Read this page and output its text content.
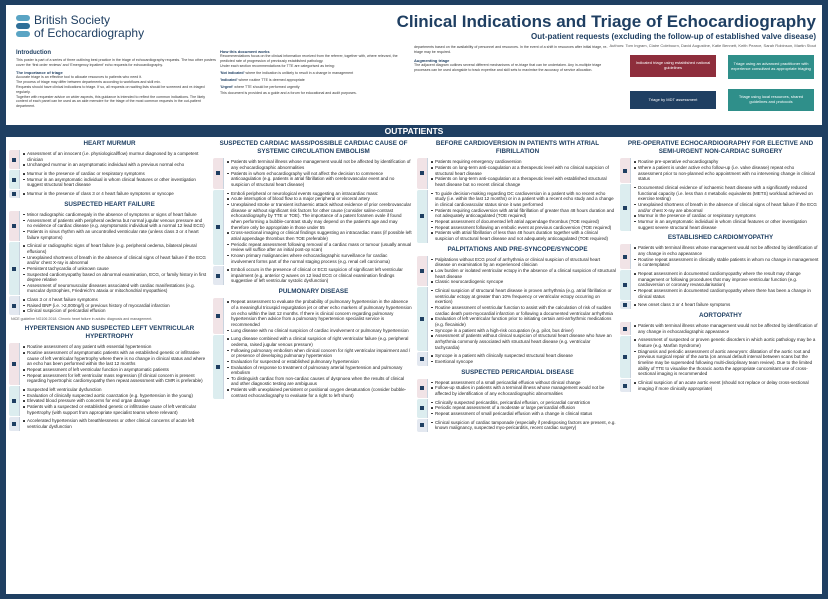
British Society
of Echocardiography
Clinical Indications and Triage of Echocardiography
Out-patient requests (excluding the follow-up of established valve disease)
Authors: Tom Ingram, Claire Colebourn, David Augustine, Katie Bennett, Keith Pearce, Sarah Robinson, Martin Stout
Introduction

This poster is part of a series of three outlining best practice in the triage of echocardiography requests. The two other posters cover the ‘first order reviews’ and ‘Emergency inpatient’ echo requests for echocardiography.

The importance of triage
Accurate triage is an effective tool to allocate resources to patients who need it.
The process of triage may differ between departments according to workflows and skill mix.
Requests should have clinical indications to triage. If so, all requests on waiting lists should be screened and re-triaged regularly.
Together with requester advice on wider aspects, this guidance is intended to reflect the common indications. The likely content of each panel can be used as an aide memoire for the triage of the most common requests in the out-patient department.
How this document works

Recommendations focus on the clinical information received from the referrer, together with, where relevant, the predicted rate of progression of previously established pathology.

Under each section recommendations for TTE are categorised as being:

'Not indicated' where the indication is unlikely to result in a change in management
'Indicated' where routine TTE is deemed appropriate
'Urgent' where TTE should be performed urgently

This document is provided as a guide and a forum for educational and audit purposes.

departments based on the availability of personnel and resources. In the event of a shift in resources after initial triage, re-triage may be required.

Augmenting triage

The adjacent diagram outlines several different mechanisms of re-triage that can be undertaken. Any in-multiple triage processes can be used alongside to track expertise and skill sets to maximise the accuracy of service allocation.

Indicated triage using established national guidelines
Triage using an advanced practitioner with experience consultant as appropriate triaging
Triage by MDT assessment	Triage using local resources, shared guidelines and protocols
OUTPATIENTS
HEART MURMUR
Assessment of an innocent (i.e. physiological/flow) murmur diagnosed by a competent clinician
Unchanged murmur in an asymptomatic individual with a previous normal echo
Murmur in the presence of cardiac or respiratory symptoms
Murmur in an asymptomatic individual in whom clinical features or other investigation suggest structural heart disease
Murmur in the presence of class 3 or 4 heart failure symptoms or syncope
SUSPECTED HEART FAILURE
Minor radiographic cardiomegaly in the absence of symptoms or signs of heart failure
Assessment of patients with peripheral oedema but normal jugular venous pressure and no evidence of cardiac disease (e.g. asymptomatic individual with a normal 12 lead ECG)
Patients in sinus rhythm with an uncontrolled ventricular rate (unless class 3 or 4 heart failure symptoms)
Clinical or radiographic signs of heart failure (e.g. peripheral oedema, bilateral pleural effusions)
Unexplained shortness of breath in the absence of clinical signs of heart failure if the ECG and/or chest X-ray is abnormal
Persistent tachycardia of unknown cause
Suspected cardiomyopathy based on abnormal examination, ECG, or family history in first degree relative
Assessment of neuromuscular diseases associated with cardiac manifestations (e.g. muscular dystrophies, Friedreich's ataxia or mitochondrial myopathies)
Class 3 or 4 heart failure symptoms
Raised BNP (i.e. >2,000ng/l) or previous history of myocardial infarction
Clinical suspicion of pericardial effusion
NICE guideline NG106 2018. Chronic heart failure in adults: diagnosis and management.
HYPERTENSION AND SUSPECTED LEFT VENTRICULAR HYPERTROPHY
Routine assessment of any patient with essential hypertension
Routine assessment of asymptomatic patients with an established genetic or infiltrative cause of left ventricular hypertrophy where there is no change in clinical status and where an echo has been performed within the last 12 months
Repeat assessment of left ventricular function in asymptomatic patients
Repeat assessment for left ventricular mass regression (if clinical concern is present regarding hypertrophic cardiomyopathy then repeat assessment with CMR is preferable)
Suspected left ventricular dysfunction
Evaluation of clinically suspected aortic coarctation (e.g. hypertension in the young)
Elevated blood pressure with concerns for end organ damage
Patients with a suspected or established genetic or infiltrative cause of left ventricular hypertrophy (with support from appropriate specialist teams where relevant)
Accelerated hypertension with breathlessness or other clinical concerns of acute left ventricular dysfunction
SUSPECTED CARDIAC MASS/POSSIBLE CARDIAC CAUSE OF SYSTEMIC CIRCULATION EMBOLISM
Patients with terminal illness whose management would not be affected by identification of any echocardiographic abnormalities
Patients in whom echocardiography will not affect the decision to commence anticoagulation (e.g. patients in atrial fibrillation with cerebrovascular event and no suspicion of structural heart disease)
Emboli peripheral or neurological events suggesting an intracardiac mass:
Acute interruption of blood flow to a major peripheral or visceral artery
Unexplained stroke or transient ischaemic attack without evidence of prior cerebrovascular disease or without significant risk factors for other cause (consider saline-contrast echocardiography by TTE or TOE). The importance of a patent foramen ovale if found when performing a bubble-contrast study may depend on the patient's age and may therefore only be appropriate in those under 55
Cross-sectional imaging or clinical findings suggesting an intracardiac mass (if possible left atrial appendage thrombus then TOE preferable)
Periodic repeat assessment following removal of a cardiac mass or tumour (usually annual review will suffice after an initial post-op scan)
Known primary malignancies where echocardiographic surveillance for cardiac involvement forms part of the normal staging process (e.g. renal cell carcinoma)
Emboli occurs in the presence of clinical or ECG suspicion of significant left ventricular impairment (e.g. anterior Q waves on 12 lead ECG or clinical examination findings suggestive of left ventricular systolic dysfunction)
PULMONARY DISEASE
Repeat assessment to evaluate the probability of pulmonary hypertension in the absence of a meaningful tricuspid regurgitation jet or other echo markers of pulmonary hypertension on echo within the last 12 months. If there is clinical concern regarding pulmonary hypertension then advice from a pulmonary hypertension specialist service is recommended
Lung disease with no clinical suspicion of cardiac involvement or pulmonary hypertension
Lung disease combined with a clinical suspicion of right ventricular failure (e.g. peripheral oedema, raised jugular venous pressure)
Following pulmonary embolism when clinical concern for right ventricular impairment and / or presence of developing pulmonary hypertension
Evaluation for suspected or established pulmonary hypertension
Evaluation of response to treatment of pulmonary arterial hypertension and pulmonary embolism
To distinguish cardiac from non-cardiac causes of dyspnoea when the results of clinical and other diagnostic testing are ambiguous
Patients with unexplained persistent or positional oxygen desaturation (consider bubble-contrast echocardiography to evaluate for a right to left shunt)
BEFORE CARDIOVERSION IN PATIENTS WITH ATRIAL FIBRILLATION
Patients requiring emergency cardioversion
Patients on long-term anti-coagulation at a therapeutic level with no clinical suspicion of structural heart disease
Patients on long-term anti-coagulation at a therapeutic level with established structural heart disease but no recent clinical change
To guide decision-making regarding DC cardioversion in a patient with no recent echo study (i.e. within the last 12 months) or in a patient with a recent echo study and a change in clinical cardiovascular status since it was performed
Patients requiring cardioversion with atrial fibrillation of greater than 48 hours duration and not adequately anticoagulated (TOE required)
Repeat assessment of documented left atrial appendage thrombus (TOE required)
Repeat assessment following an embolic event at previous cardioversion (TOE required)
Patients with atrial fibrillation of less than 48 hours duration together with a clinical suspicion of structural heart disease and not adequately anticoagulated (TOE required)
PALPITATIONS AND PRE-SYNCOPE/SYNCOPE
Palpitations without ECG proof of arrhythmia or clinical suspicion of structural heart disease on examination by an experienced clinician
Low burden or isolated ventricular ectopy in the absence of a clinical suspicion of structural heart disease
Classic neurocardiogenic syncope
Clinical suspicion of structural heart disease in proven arrhythmia (e.g. atrial fibrillation or ventricular ectopy at greater than 10% frequency or ventricular ectopy occurring on exertion)
Routine assessment of ventricular function to assist with the calculation of risk of sudden cardiac death post-myocardial infarction or following a documented ventricular arrhythmia
Evaluation of left ventricular function prior to initiating certain anti-arrhythmic medications (e.g. flecainide)
Syncope in a patient with a high-risk occupation (e.g. pilot, bus driver)
Assessment of patients without clinical suspicion of structural heart disease who have an arrhythmia commonly associated with structural heart disease (e.g. ventricular tachycardia)
Syncope in a patient with clinically suspected structural heart disease
Exertional syncope
SUSPECTED PERICARDIAL DISEASE
Repeat assessment of a small pericardial effusion without clinical change
Follow-up studies in patients with a terminal illness whose management would not be affected by identification of any echocardiographic abnormalities
Clinically suspected pericarditis, pericardial effusion, or pericardial constriction
Periodic repeat assessment of a moderate or large pericardial effusion
Repeat assessment of small pericardial effusion with a change in clinical status
Clinical suspicion of cardiac tamponade (especially if predisposing factors are present, e.g. known malignancy, suspected myo-pericarditis, recent cardiac surgery)
PRE-OPERATIVE ECHOCARDIOGRAPHY FOR ELECTIVE AND SEMI-URGENT NON-CARDIAC SURGERY
Routine pre-operative echocardiography
Where a patient is under active echo follow-up (i.e. valve disease) repeat echo assessment prior to non-planned echo appointment with no intervening change in clinical status
Documented clinical evidence of ischaemic heart disease with a significantly reduced functional capacity (i.e. less than 4 metabolic equivalents (METS) workload achieved on exercise testing)
Unexplained shortness of breath in the absence of clinical signs of heart failure if the ECG and/or chest X-ray are abnormal
Murmur in the presence of cardiac or respiratory symptoms
Murmur in an asymptomatic individual in whom clinical features or other investigation suggest severe structural heart disease
ESTABLISHED CARDIOMYOPATHY
Patients with terminal illness whose management would not be affected by identification of any change in echo appearance
Routine repeat assessment in clinically stable patients in whom no change in management is contemplated
Repeat assessment in documented cardiomyopathy where the result may change management or following procedures that may improve ventricular function (e.g. cardioversion or coronary revascularisation)
Repeat assessment in documented cardiomyopathy where there has been a change in clinical status
New onset class 3 or 4 heart failure symptoms
AORTOPATHY
Patients with terminal illness whose management would not be affected by identification of any change in echocardiographic appearance
Assessment of suspected or proven genetic disorders in which aortic pathology may be a feature (e.g. Marfan Syndrome)
Diagnosis and periodic assessment of aortic aneurysm: dilatation of the aortic root and previous surgical repair of the aorta (on annual default interval between scans but the timeline may be superseded following multi-disciplinary team review). Due to the limited ability of TTE to visualise the thoracic aorta the appropriate concomitant use of cross-sectional imaging is recommended
Clinical suspicion of an acute aortic event (should not replace or delay cross-sectional imaging if more clinically appropriate)
